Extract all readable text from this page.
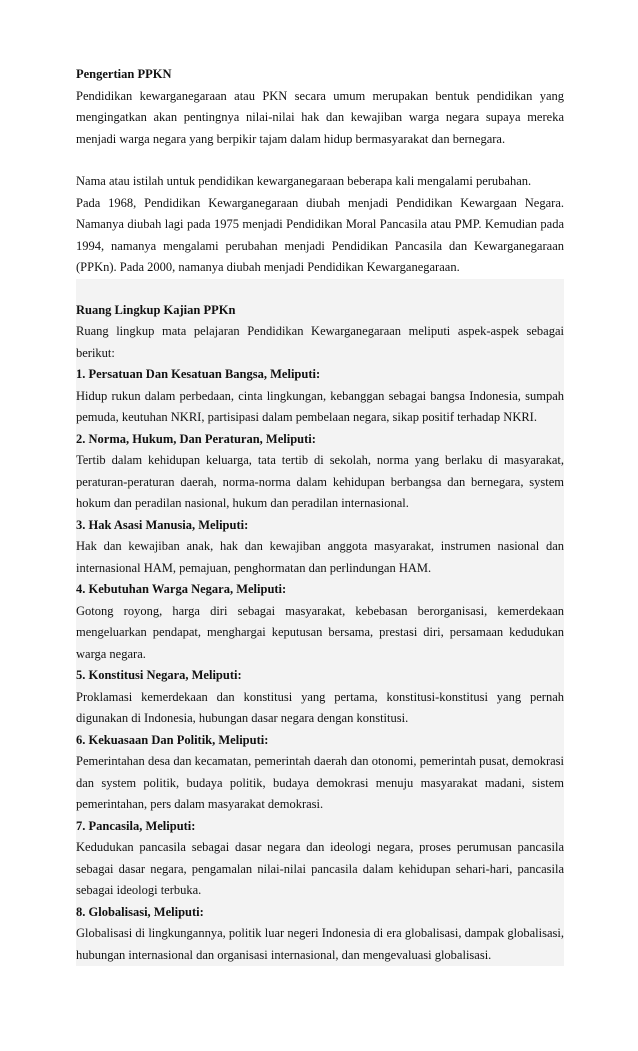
Pengertian PPKN

Pendidikan kewarganegaraan atau PKN secara umum merupakan bentuk pendidikan yang mengingatkan akan pentingnya nilai-nilai hak dan kewajiban warga negara supaya mereka menjadi warga negara yang berpikir tajam dalam hidup bermasyarakat dan bernegara.

Nama atau istilah untuk pendidikan kewarganegaraan beberapa kali mengalami perubahan.

Pada 1968, Pendidikan Kewarganegaraan diubah menjadi Pendidikan Kewargaan Negara. Namanya diubah lagi pada 1975 menjadi Pendidikan Moral Pancasila atau PMP. Kemudian pada 1994, namanya mengalami perubahan menjadi Pendidikan Pancasila dan Kewarganegaraan (PPKn). Pada 2000, namanya diubah menjadi Pendidikan Kewarganegaraan.

Ruang Lingkup Kajian PPKn

Ruang lingkup mata pelajaran Pendidikan Kewarganegaraan meliputi aspek-aspek sebagai berikut:

1. Persatuan Dan Kesatuan Bangsa, Meliputi:

Hidup rukun dalam perbedaan, cinta lingkungan, kebanggan sebagai bangsa Indonesia, sumpah pemuda, keutuhan NKRI, partisipasi dalam pembelaan negara, sikap positif terhadap NKRI.

2. Norma, Hukum, Dan Peraturan, Meliputi:

Tertib dalam kehidupan keluarga, tata tertib di sekolah, norma yang berlaku di masyarakat, peraturan-peraturan daerah, norma-norma dalam kehidupan berbangsa dan bernegara, system hokum dan peradilan nasional, hukum dan peradilan internasional.

3. Hak Asasi Manusia, Meliputi:

Hak dan kewajiban anak, hak dan kewajiban anggota masyarakat, instrumen nasional dan internasional HAM, pemajuan, penghormatan dan perlindungan HAM.

4. Kebutuhan Warga Negara, Meliputi:

Gotong royong, harga diri sebagai masyarakat, kebebasan berorganisasi, kemerdekaan mengeluarkan pendapat, menghargai keputusan bersama, prestasi diri, persamaan kedudukan warga negara.

5. Konstitusi Negara, Meliputi:

Proklamasi kemerdekaan dan konstitusi yang pertama, konstitusi-konstitusi yang pernah digunakan di Indonesia, hubungan dasar negara dengan konstitusi.

6. Kekuasaan Dan Politik, Meliputi:

Pemerintahan desa dan kecamatan, pemerintah daerah dan otonomi, pemerintah pusat, demokrasi dan system politik, budaya politik, budaya demokrasi menuju masyarakat madani, sistem pemerintahan, pers dalam masyarakat demokrasi.

7. Pancasila, Meliputi:

Kedudukan pancasila sebagai dasar negara dan ideologi negara, proses perumusan pancasila sebagai dasar negara, pengamalan nilai-nilai pancasila dalam kehidupan sehari-hari, pancasila sebagai ideologi terbuka.

8. Globalisasi, Meliputi:

Globalisasi di lingkungannya, politik luar negeri Indonesia di era globalisasi, dampak globalisasi, hubungan internasional dan organisasi internasional, dan mengevaluasi globalisasi.
